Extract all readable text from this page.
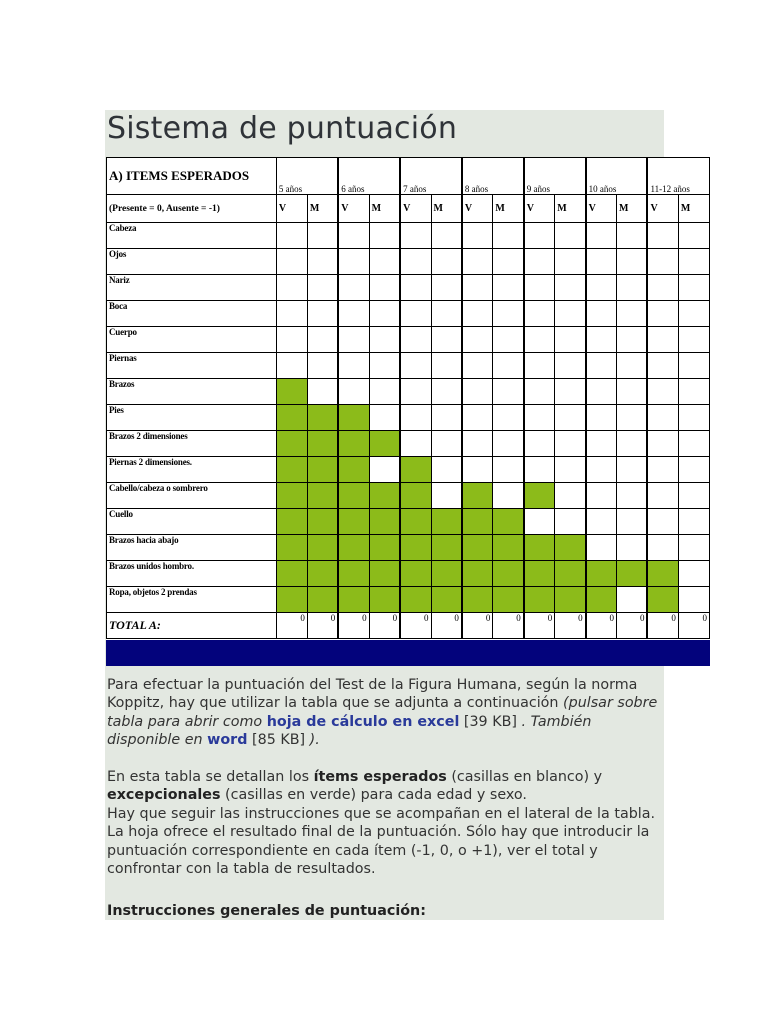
Sistema de puntuación
A) ITEMS ESPERADOS	5 años		6 años		7 años		8 años		9 años		10 años		11-12 años	
(Presente = 0, Ausente = -1)	V	M	V	M	V	M	V	M	V	M	V	M	V	M
Cabeza														
Ojos														
Nariz														
Boca														
Cuerpo														
Piernas														
Brazos														
Pies														
Brazos 2 dimensiones														
Piernas 2 dimensiones.														
Cabello/cabeza o sombrero														
Cuello														
Brazos hacia abajo														
Brazos unidos hombro.														
Ropa, objetos 2 prendas														
TOTAL A:	0	0	0	0	0	0	0	0	0	0	0	0	0	0
Para efectuar la puntuación del Test de la Figura Humana, según la norma Koppitz, hay que utilizar la tabla que se adjunta a continuación (pulsar sobre tabla para abrir como hoja de cálculo en excel [39 KB] . También disponible en word [85 KB] ).
En esta tabla se detallan los ítems esperados (casillas en blanco) y excepcionales (casillas en verde) para cada edad y sexo.
Hay que seguir las instrucciones que se acompañan en el lateral de la tabla. La hoja ofrece el resultado final de la puntuación. Sólo hay que introducir la puntuación correspondiente en cada ítem (-1, 0, o +1), ver el total y confrontar con la tabla de resultados.
Instrucciones generales de puntuación:
